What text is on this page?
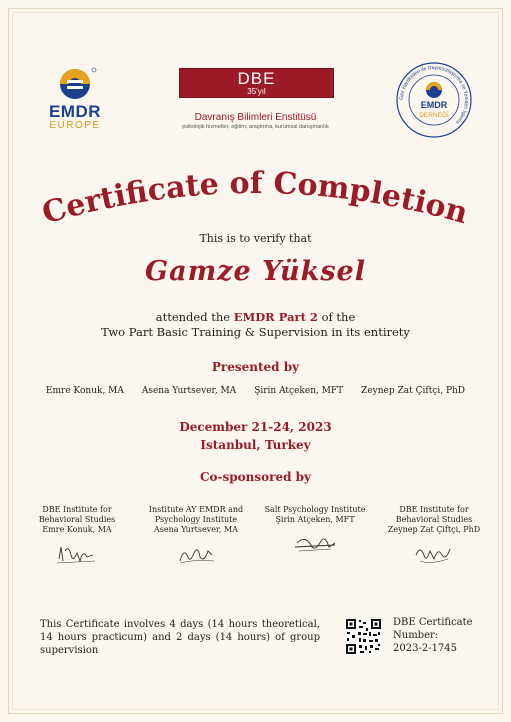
EMDR
EUROPE
DBE
35'yıl
Davranış Bilimleri Enstitüsü
psikolojik hizmetler, eğitim, araştırma, kurumsal danışmanlık
Göz Hareketleri ile Duyarsızlaştırma ve Yeniden İşleme
EMDR
DERNEĞİ
Certificate of Completion
This is to verify that
Gamze Yüksel
attended the EMDR Part 2 of the
Two Part Basic Training & Supervision in its entirety
Presented by
Emre Konuk, MA Asena Yurtsever, MA Şirin Atçeken, MFT Zeynep Zat Çiftçi, PhD
December 21-24, 2023
Istanbul, Turkey
Co-sponsored by
DBE Institute for
Behavioral Studies
Emre Konuk, MA
Institute AY EMDR and
Psychology Institute
Asena Yurtsever, MA
Salt Psychology Institute
Şirin Atçeken, MFT
DBE Institute for
Behavioral Studies
Zeynep Zat Çiftçi, PhD
This Certificate involves 4 days (14 hours theoretical, 14 hours practicum) and 2 days (14 hours) of group supervision
DBE Certificate
Number:
2023-2-1745
